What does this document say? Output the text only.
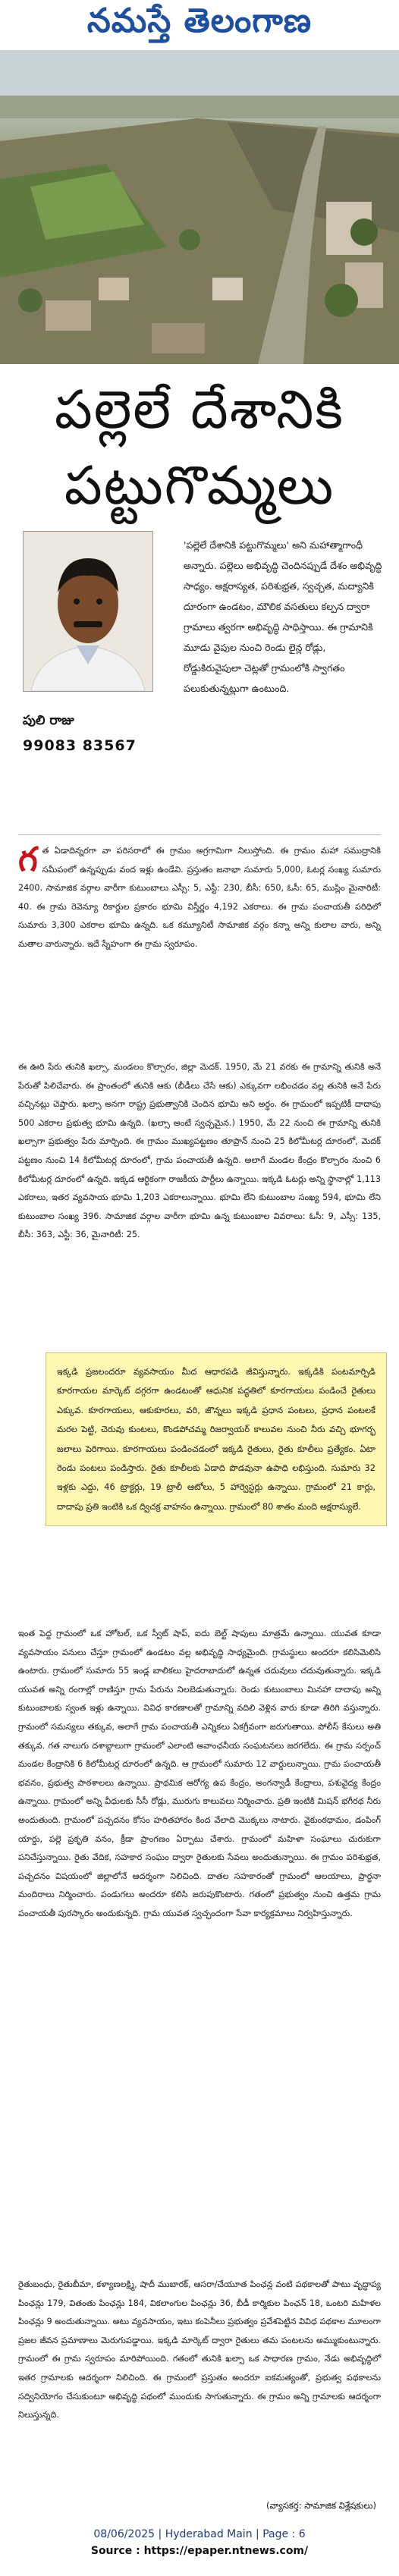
నమస్తే తెలంగాణ
పల్లెలే దేశానికి
పట్టుగొమ్మలు
పులి రాజు
99083 83567
'పల్లెలే దేశానికి పట్టుగొమ్మలు' అని మహాత్మాగాంధీ అన్నారు. పల్లెలు అభివృద్ధి చెందినప్పుడే దేశం అభివృద్ధి సాధ్యం. అక్షరాస్యత, పరిశుభ్రత, స్వచ్ఛత, మద్యానికి దూరంగా ఉండటం, మౌలిక వసతులు కల్పన ద్వారా గ్రామాలు త్వరగా అభివృద్ధి సాధిస్తాయి. ఈ గ్రామానికి మూడు వైపుల నుంచి రెండు లైన్ల రోడ్లు, రోడ్డుకిరువైపులా చెట్లతో గ్రామంలోకి స్వాగతం పలుకుతున్నట్లుగా ఉంటుంది.
గత ఏడాదిన్నరగా వా పరిసరాలో ఈ గ్రామం అగ్రగామిగా నిలుస్తోంది. ఈ గ్రామం మహా సముద్రానికి సమీపంలో ఉన్నప్పుడు వంద ఇళ్లు ఉండేవి. ప్రస్తుతం జనాభా సుమారు 5,000, ఓటర్ల సంఖ్య సుమారు 2400. సామాజిక వర్గాల వారీగా కుటుంబాలు ఎస్సీ: 5, ఎస్టీ: 230, బీసీ: 650, ఓసీ: 65, ముస్లిం మైనారిటీ: 40. ఈ గ్రామ రెవెన్యూ రికార్డుల ప్రకారం భూమి విస్తీర్ణం 4,192 ఎకరాలు. ఈ గ్రామ పంచాయతీ పరిధిలో సుమారు 3,300 ఎకరాల భూమి ఉన్నది. ఒక కమ్యూనిటీ సామాజిక వర్గం కన్నా అన్ని కులాల వారు, అన్ని మతాల వారున్నారు. ఇదే స్నేహంగా ఈ గ్రామ స్వరూపం.
ఈ ఊరి పేరు తునికి ఖల్సా, మండలం కొల్చారం, జిల్లా మెదక్. 1950, మే 21 వరకు ఈ గ్రామాన్ని తునికి అనే పేరుతో పిలిచేవారు. ఈ ప్రాంతంలో తునికి ఆకు (బీడీలు చేసే ఆకు) ఎక్కువగా లభించడం వల్ల తునికి అనే పేరు వచ్చినట్లు చెప్తారు. ఖల్సా అనగా రాష్ట్ర ప్రభుత్వానికి చెందిన భూమి అని అర్థం. ఈ గ్రామంలో ఇప్పటికీ దాదాపు 500 ఎకరాల ప్రభుత్వ భూమి ఉన్నది. (ఖల్సా అంటే స్వచ్ఛమైన.) 1950, మే 22 నుంచి ఈ గ్రామాన్ని తునికి ఖల్సాగా ప్రభుత్వం పేరు మార్చింది. ఈ గ్రామం ముఖ్యపట్టణం తూప్రాన్ నుంచి 25 కిలోమీటర్ల దూరంలో, మెదక్ పట్టణం నుంచి 14 కిలోమీటర్ల దూరంలో, గ్రామ పంచాయతీ ఉన్నది. అలాగే మండల కేంద్రం కొల్చారం నుంచి 6 కిలోమీటర్ల దూరంలో ఉన్నది. ఇక్కడ ఆర్థికంగా రాజకీయ పార్టీలు ఉన్నాయి. ఇక్కడి ఓటర్లు అన్ని స్థానాల్లో 1,113 ఎకరాలు, ఇతర వ్యవసాయ భూమి 1,203 ఎకరాలున్నాయి. భూమి లేని కుటుంబాల సంఖ్య 594, భూమి లేని కుటుంబాల సంఖ్య 396. సామాజిక వర్గాల వారీగా భూమి ఉన్న కుటుంబాల వివరాలు: ఓసీ: 9, ఎస్సీ: 135, బీసీ: 363, ఎస్టీ: 36, మైనారిటీ: 25.
ఇక్కడి ప్రజలందరూ వ్యవసాయం మీద ఆధారపడి జీవిస్తున్నారు. ఇక్కడికి పంటమార్పిడి కూరగాయల మార్కెట్ దగ్గరగా ఉండటంతో ఆధునిక పద్ధతిలో కూరగాయలు పండించే రైతులు ఎక్కువ. కూరగాయలు, ఆకుకూరలు, వరి, జొన్నలు ఇక్కడి ప్రధాన పంటలు, ప్రధాన పంటలకే మరల పెట్టి, చెరువు కుంటలు, కొండపోచమ్మ రిజర్వాయర్ కాలువల నుంచి నీరు వచ్చి భూగర్భ జలాలు పెరిగాయి. కూరగాయలు పండించడంలో ఇక్కడి రైతులు, రైతు కూలీలు ప్రత్యేకం. ఏటా రెండు పంటలు పండిస్తారు. రైతు కూలీలకు ఏడాది పొడవునా ఉపాధి లభిస్తుంది. సుమారు 32 ఇళ్లకు ఎద్దు, 46 ట్రాక్టర్లు, 19 ట్రాలీ ఆటోలు, 5 హార్వెస్టర్లు ఉన్నాయి. గ్రామంలో 21 కార్లు, దాదాపు ప్రతి ఇంటికి ఒక ద్విచక్ర వాహనం ఉన్నాయి. గ్రామంలో 80 శాతం మంది అక్షరాస్యులే.
ఇంత పెద్ద గ్రామంలో ఒక హోటల్, ఒక స్వీట్ షాప్, ఐదు బెల్ట్ షాపులు మాత్రమే ఉన్నాయి. యువత కూడా వ్యవసాయం పనులు చేస్తూ గ్రామంలో ఉండటం వల్ల అభివృద్ధి సాధ్యమైంది. గ్రామస్థులు అందరూ కలిసిమెలిసి ఉంటారు. గ్రామంలో సుమారు 55 ఇండ్ల బాలికలు హైదరాబాదులో ఉన్నత చదువులు చదువుతున్నారు. ఇక్కడి యువత అన్ని రంగాల్లో రాణిస్తూ గ్రామ పేరును నిలబెడుతున్నారు. రెండు కుటుంబాలు మినహా దాదాపు అన్ని కుటుంబాలకు స్వంత ఇళ్లు ఉన్నాయి. వివిధ కారణాలతో గ్రామాన్ని వదిలి వెళ్లిన వారు కూడా తిరిగి వస్తున్నారు. గ్రామంలో సమస్యలు తక్కువ, అలాగే గ్రామ పంచాయతీ ఎన్నికలు ఏకగ్రీవంగా జరుగుతాయి. పోలీస్ కేసులు అతి తక్కువ. గత నాలుగు దశాబ్దాలుగా గ్రామంలో ఎలాంటి అవాంఛనీయ సంఘటనలు జరగలేదు. ఈ గ్రామ సర్పంచ్ మండల కేంద్రానికి 6 కిలోమీటర్ల దూరంలో ఉన్నది. ఆ గ్రామంలో సుమారు 12 వార్డులున్నాయి. గ్రామ పంచాయతీ భవనం, ప్రభుత్వ పాఠశాలలు ఉన్నాయి. ప్రాథమిక ఆరోగ్య ఉప కేంద్రం, అంగన్వాడీ కేంద్రాలు, పశువైద్య కేంద్రం ఉన్నాయి. గ్రామంలో అన్ని వీధులకు సీసీ రోడ్లు, మురుగు కాలువలు నిర్మించారు. ప్రతి ఇంటికి మిషన్ భగీరథ నీరు అందుతుంది. గ్రామంలో పచ్చదనం కోసం హరితహారం కింద వేలాది మొక్కలు నాటారు. వైకుంఠధామం, డంపింగ్ యార్డు, పల్లె ప్రకృతి వనం, క్రీడా ప్రాంగణం ఏర్పాటు చేశారు. గ్రామంలో మహిళా సంఘాలు చురుకుగా పనిచేస్తున్నాయి. రైతు వేదిక, సహకార సంఘం ద్వారా రైతులకు సేవలు అందుతున్నాయి. ఈ గ్రామం పరిశుభ్రత, పచ్చదనం విషయంలో జిల్లాలోనే ఆదర్శంగా నిలిచింది. దాతల సహకారంతో గ్రామంలో ఆలయాలు, ప్రార్థనా మందిరాలు నిర్మించారు. పండుగలు అందరూ కలిసి జరుపుకొంటారు. గతంలో ప్రభుత్వం నుంచి ఉత్తమ గ్రామ పంచాయతీ పురస్కారం అందుకున్నది. గ్రామ యువత స్వచ్ఛందంగా సేవా కార్యక్రమాలు నిర్వహిస్తున్నారు.
రైతుబంధు, రైతుబీమా, కళ్యాణలక్ష్మి, షాదీ ముబారక్, ఆసరా/చేయూత పింఛన్ల వంటి పథకాలతో పాటు వృద్ధాప్య పింఛన్లు 179, వితంతు పింఛన్లు 184, వికలాంగుల పింఛన్లు 36, బీడీ కార్మికుల పింఛన్ 18, ఒంటరి మహిళల పింఛన్లు 9 అందుతున్నాయి. అటు వ్యవసాయం, ఇటు కంపెనీలు ప్రభుత్వం ప్రవేశపెట్టిన వివిధ పథకాల మూలంగా ప్రజల జీవన ప్రమాణాలు మెరుగుపడ్డాయి. ఇక్కడి మార్కెట్ ద్వారా రైతులు తమ పంటలను అమ్ముకుంటున్నారు. గ్రామంలో ఈ గ్రామ స్వరూపం మారిపోయింది. గతంలో తునికి ఖల్సా ఒక సాధారణ గ్రామం, నేడు అభివృద్ధిలో ఇతర గ్రామాలకు ఆదర్శంగా నిలిచింది. ఈ గ్రామంలో ప్రస్తుతం అందరూ ఐకమత్యంతో, ప్రభుత్వ పథకాలను సద్వినియోగం చేసుకుంటూ అభివృద్ధి పథంలో ముందుకు సాగుతున్నారు. ఈ గ్రామం అన్ని గ్రామాలకు ఆదర్శంగా నిలుస్తున్నది.
(వ్యాసకర్త: సామాజిక విశ్లేషకులు)
08/06/2025 | Hyderabad Main | Page : 6
Source : https://epaper.ntnews.com/
